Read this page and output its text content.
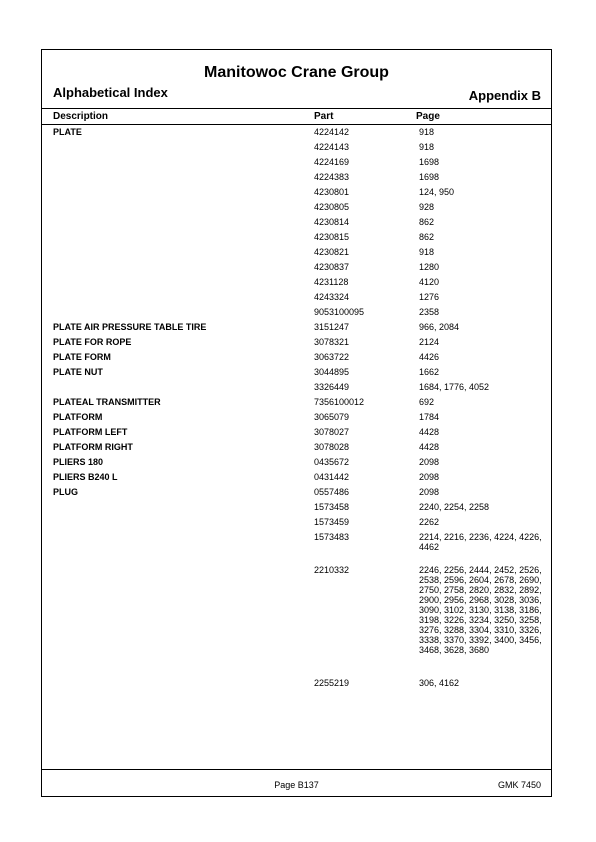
Manitowoc Crane Group
Alphabetical Index	Appendix B
Description	Part	Page
PLATE	4224142	918
4224143	918
4224169	1698
4224383	1698
4230801	124, 950
4230805	928
4230814	862
4230815	862
4230821	918
4230837	1280
4231128	4120
4243324	1276
9053100095	2358
PLATE AIR PRESSURE TABLE TIRE	3151247	966, 2084
PLATE FOR ROPE	3078321	2124
PLATE FORM	3063722	4426
PLATE NUT	3044895	1662
3326449	1684, 1776, 4052
PLATEAL TRANSMITTER	7356100012	692
PLATFORM	3065079	1784
PLATFORM LEFT	3078027	4428
PLATFORM RIGHT	3078028	4428
PLIERS 180	0435672	2098
PLIERS B240 L	0431442	2098
PLUG	0557486	2098
1573458	2240, 2254, 2258
1573459	2262
1573483	2214, 2216, 2236, 4224, 4226, 4462
2210332	2246, 2256, 2444, 2452, 2526, 2538, 2596, 2604, 2678, 2690, 2750, 2758, 2820, 2832, 2892, 2900, 2956, 2968, 3028, 3036, 3090, 3102, 3130, 3138, 3186, 3198, 3226, 3234, 3250, 3258, 3276, 3288, 3304, 3310, 3326, 3338, 3370, 3392, 3400, 3456, 3468, 3628, 3680
2255219	306, 4162
Page B137	GMK 7450
